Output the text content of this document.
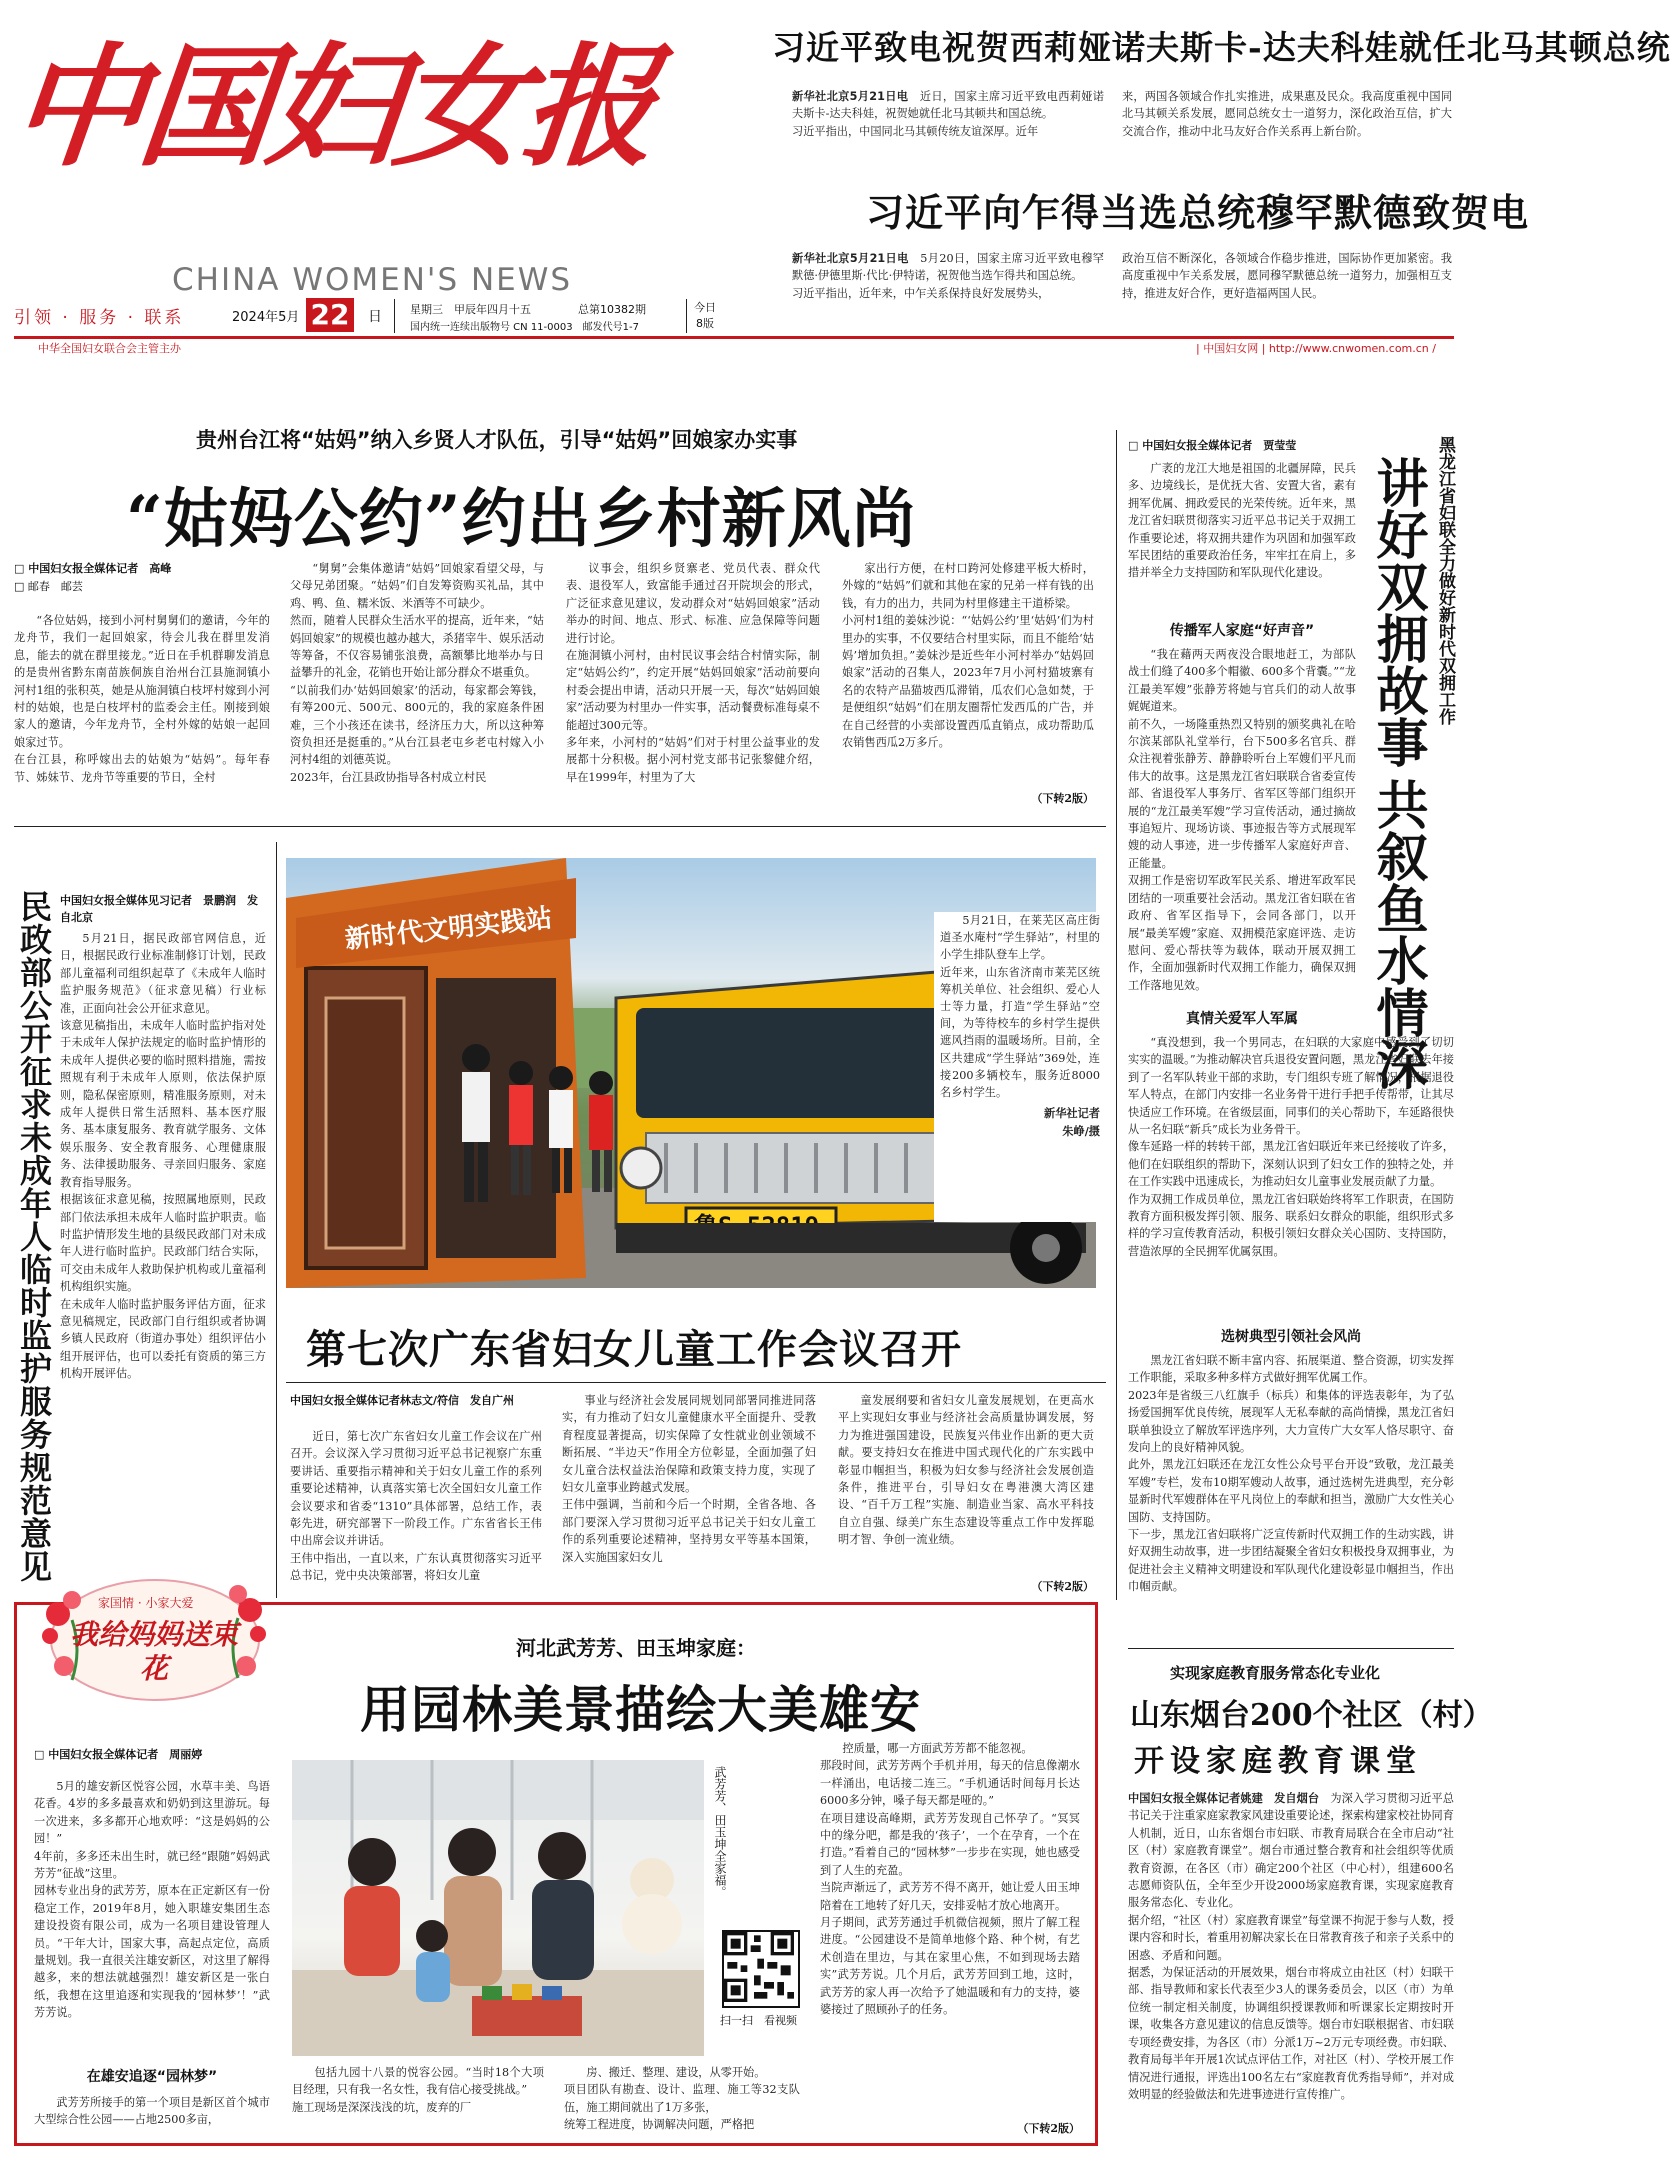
中国妇女报
CHINA WOMEN'S NEWS
引领 · 服务 · 联系	2024年5月 22	日	星期三　甲辰年四月十五	总第10382期
国内统一连续出版物号 CN 11-0003　邮发代号1-7
今日
8版
中华全国妇女联合会主管主办	| 中国妇女网 | http://www.cnwomen.com.cn /
习近平致电祝贺西莉娅诺夫斯卡-达夫科娃就任北马其顿总统

新华社北京5月21日电　 近日，国家主席习近平致电西莉娅诺夫斯卡-达夫科娃，祝贺她就任北马其顿共和国总统。
习近平指出，中国同北马其顿传统友谊深厚。近年

来，两国各领域合作扎实推进，成果惠及民众。我高度重视中国同北马其顿关系发展，愿同总统女士一道努力，深化政治互信，扩大交流合作，推动中北马友好合作关系再上新台阶。

习近平向乍得当选总统穆罕默德致贺电

新华社北京5月21日电　 5月20日，国家主席习近平致电穆罕默德·伊德里斯·代比·伊特诺，祝贺他当选乍得共和国总统。
习近平指出，近年来，中乍关系保持良好发展势头，

政治互信不断深化，各领域合作稳步推进，国际协作更加紧密。我高度重视中乍关系发展，愿同穆罕默德总统一道努力，加强相互支持，推进友好合作，更好造福两国人民。

贵州台江将“姑妈”纳入乡贤人才队伍，引导“姑妈”回娘家办实事
“姑妈公约”约出乡村新风尚
□ 中国妇女报全媒体记者　高峰
□ 邮春　邮芸

“各位姑妈，接到小河村舅舅们的邀请，今年的龙舟节，我们一起回娘家，待会儿我在群里发消息，能去的就在群里接龙。”近日在手机群聊发消息的是贵州省黔东南苗族侗族自治州台江县施洞镇小河村1组的张积英，她是从施洞镇白枝坪村嫁到小河村的姑娘，也是白枝坪村的监委会主任。刚接到娘家人的邀请，今年龙舟节，全村外嫁的姑娘一起回娘家过节。
在台江县，称呼嫁出去的姑娘为“姑妈”。每年春节、姊妹节、龙舟节等重要的节日，全村

“舅舅”会集体邀请“姑妈”回娘家看望父母，与父母兄弟团聚。“姑妈”们自发筹资购买礼品，其中鸡、鸭、鱼、糯米饭、米酒等不可缺少。
然而，随着人民群众生活水平的提高，近年来，“姑妈回娘家”的规模也越办越大，杀猪宰牛、娱乐活动等筹备，不仅容易铺张浪费，高额攀比地举办与日益攀升的礼金，花销也开始让部分群众不堪重负。
“以前我们办‘姑妈回娘家’的活动，每家都会筹钱，有筹200元、500元、800元的，我的家庭条件困难，三个小孩还在读书，经济压力大，所以这种筹资负担还是挺重的。”从台江县老屯乡老屯村嫁入小河村4组的刘德英说。
2023年，台江县政协指导各村成立村民

议事会，组织乡贤寨老、党员代表、群众代表、退役军人，致富能手通过召开院坝会的形式，广泛征求意见建议，发动群众对“姑妈回娘家”活动举办的时间、地点、形式、标准、应急保障等问题进行讨论。
在施洞镇小河村，由村民议事会结合村情实际，制定“姑妈公约”，约定开展“姑妈回娘家”活动前要向村委会提出申请，活动只开展一天，每次“姑妈回娘家”活动要为村里办一件实事，活动餐费标准每桌不能超过300元等。
多年来，小河村的“姑妈”们对于村里公益事业的发展都十分积极。据小河村党支部书记张黎健介绍，早在1999年，村里为了大

家出行方便，在村口跨河处修建平板大桥时，外嫁的“姑妈”们就和其他在家的兄弟一样有钱的出钱，有力的出力，共同为村里修建主干道桥梁。
小河村1组的姜妹沙说：“‘姑妈公约’里‘姑妈’们为村里办的实事，不仅要结合村里实际，而且不能给‘姑妈’增加负担。”姜妹沙是近些年小河村举办“姑妈回娘家”活动的召集人，2023年7月小河村猫坡寨有名的农特产品猫坡西瓜滞销，瓜农们心急如焚，于是便组织“姑妈”们在朋友圈帮忙发西瓜的广告，并在自己经营的小卖部设置西瓜直销点，成功帮助瓜农销售西瓜2万多斤。

（下转2版）
□ 中国妇女报全媒体记者　贾莹莹	黑龙江省妇联全力做好新时代双拥工作
讲好双拥故事
共叙鱼水情深

广袤的龙江大地是祖国的北疆屏障，民兵多、边境线长，是优抚大省、安置大省，素有拥军优属、拥政爱民的光荣传统。近年来，黑龙江省妇联贯彻落实习近平总书记关于双拥工作重要论述，将双拥共建作为巩固和加强军政军民团结的重要政治任务，牢牢扛在肩上，多措并举全力支持国防和军队现代化建设。

传播军人家庭“好声音”

“我在藉两天两夜没合眼地赶工，为部队战士们缝了400多个帽徽、600多个背囊。”“龙江最美军嫂”张静芳将她与官兵们的动人故事娓娓道来。
前不久，一场隆重热烈又特别的颁奖典礼在哈尔滨某部队礼堂举行，台下500多名官兵、群众注视着张静芳、静静聆听台上军嫂们平凡而伟大的故事。这是黑龙江省妇联联合省委宣传部、省退役军人事务厅、省军区等部门组织开展的“龙江最美军嫂”学习宣传活动，通过摘故事追短片、现场访谈、事迹报告等方式展现军嫂的动人事迹，进一步传播军人家庭好声音、正能量。
双拥工作是密切军政军民关系、增进军政军民团结的一项重要社会活动。黑龙江省妇联在省政府、省军区指导下，会同各部门，以开展“最美军嫂”家庭、双拥模范家庭评选、走访慰问、爱心帮扶等为载体，联动开展双拥工作，全面加强新时代双拥工作能力，确保双拥工作落地见效。

真情关爱军人军属

“真没想到，我一个男同志，在妇联的大家庭中感受到了切切实实的温暖。”为推动解决官兵退役安置问题，黑龙江省妇联去年接到了一名军队转业干部的求助，专门组织专班了解情况，根据退役军人特点，在部门内安排一名业务骨干进行手把手传帮带，让其尽快适应工作环境。在省级层面，同事们的关心帮助下，车延路很快从一名妇联“新兵”成长为业务骨干。
像车延路一样的转转干部，黑龙江省妇联近年来已经接收了许多，他们在妇联组织的帮助下，深刻认识到了妇女工作的独特之处，并在工作实践中迅速成长，为推动妇女儿童事业发展贡献了力量。
作为双拥工作成员单位，黑龙江省妇联始终将军工作职责，在国防教育方面积极发挥引领、服务、联系妇女群众的职能，组织形式多样的学习宣传教育活动，积极引领妇女群众关心国防、支持国防，营造浓厚的全民拥军优属氛围。

选树典型引领社会风尚

黑龙江省妇联不断丰富内容、拓展渠道、整合资源，切实发挥工作职能，采取多种多样方式做好拥军优属工作。
2023年是省级三八红旗手（标兵）和集体的评选表彰年，为了弘扬爱国拥军优良传统，展现军人无私奉献的高尚情操，黑龙江省妇联单独设立了解放军评选序列，大力宣传广大女军人恪尽职守、奋发向上的良好精神风貌。
此外，黑龙江妇联还在龙江女性公众号平台开设“致敬，龙江最美军嫂”专栏，发布10期军嫂动人故事，通过选树先进典型，充分彰显新时代军嫂群体在平凡岗位上的奉献和担当，激励广大女性关心国防、支持国防。
下一步，黑龙江省妇联将广泛宣传新时代双拥工作的生动实践，讲好双拥生动故事，进一步团结凝聚全省妇女积极投身双拥事业，为促进社会主义精神文明建设和军队现代化建设彰显巾帼担当，作出巾帼贡献。

民政部公开征求未成年人临时监护服务规范意见 中国妇女报全媒体见习记者　景鹏润　发自北京

5月21日，据民政部官网信息，近日，根据民政行业标准制修订计划，民政部儿童福利司组织起草了《未成年人临时监护服务规范》（征求意见稿）行业标准，正面向社会公开征求意见。
该意见稿指出，未成年人临时监护指对处于未成年人保护法规定的临时监护情形的未成年人提供必要的临时照料措施，需按照规有利于未成年人原则，依法保护原则，隐私保密原则，精准服务原则，对未成年人提供日常生活照料、基本医疗服务、基本康复服务、教育就学服务、文体娱乐服务、安全教育服务、心理健康服务、法律援助服务、寻亲回归服务、家庭教育指导服务。
根据该征求意见稿，按照属地原则，民政部门依法承担未成年人临时监护职责。临时监护情形发生地的县级民政部门对未成年人进行临时监护。民政部门结合实际，可交由未成年人救助保护机构或儿童福利机构组织实施。
在未成年人临时监护服务评估方面，征求意见稿规定，民政部门自行组织或者协调乡镇人民政府（街道办事处）组织评估小组开展评估，也可以委托有资质的第三方机构开展评估。

新时代文明实践站	5月21日，在莱芜区高庄街道圣水庵村“学生驿站”，村里的小学生排队登车上学。
近年来，山东省济南市莱芜区统筹机关单位、社会组织、爱心人士等力量，打造“学生驿站”空间，为等待校车的乡村学生提供遮风挡雨的温暖场所。目前，全区共建成“学生驿站”369处，连接200多辆校车，服务近8000名乡村学生。

新华社记者
朱峥/摄

第七次广东省妇女儿童工作会议召开
中国妇女报全媒体记者林志文/符信　发自广州

近日，第七次广东省妇女儿童工作会议在广州召开。会议深入学习贯彻习近平总书记视察广东重要讲话、重要指示精神和关于妇女儿童工作的系列重要论述精神，认真落实第七次全国妇女儿童工作会议要求和省委“1310”具体部署，总结工作，表彰先进，研究部署下一阶段工作。广东省省长王伟中出席会议并讲话。
王伟中指出，一直以来，广东认真贯彻落实习近平总书记，党中央决策部署，将妇女儿童

事业与经济社会发展同规划同部署同推进同落实，有力推动了妇女儿童健康水平全面提升、受教育程度显著提高，切实保障了女性就业创业领域不断拓展、“半边天”作用全方位彰显，全面加强了妇女儿童合法权益法治保障和政策支持力度，实现了妇女儿童事业跨越式发展。
王伟中强调，当前和今后一个时期，全省各地、各部门要深入学习贯彻习近平总书记关于妇女儿童工作的系列重要论述精神，坚持男女平等基本国策，深入实施国家妇女儿

童发展纲要和省妇女儿童发展规划，在更高水平上实现妇女事业与经济社会高质量协调发展，努力为推进强国建设，民族复兴伟业作出新的更大贡献。要支持妇女在推进中国式现代化的广东实践中彰显巾帼担当，积极为妇女参与经济社会发展创造条件，推进平台，引导妇女在粤港澳大湾区建设、“百千万工程”实施、制造业当家、高水平科技自立自强、绿美广东生态建设等重点工作中发挥聪明才智、争创一流业绩。

（下转2版）
家国情 · 小家大爱
我给妈妈送束花
河北武芳芳、田玉坤家庭：
用园林美景描绘大美雄安
□ 中国妇女报全媒体记者　周丽婷

5月的雄安新区悦容公园，水草丰美、鸟语花香。4岁的多多最喜欢和奶奶到这里游玩。每一次进来，多多都开心地欢呼：“这是妈妈的公园！”
4年前，多多还未出生时，就已经“跟随”妈妈武芳芳“征战”这里。
园林专业出身的武芳芳，原本在正定新区有一份稳定工作，2019年8月，她入职雄安集团生态建设投资有限公司，成为一名项目建设管理人员。“干年大计，国家大事，高起点定位，高质量规划。我一直很关注雄安新区，对这里了解得越多，来的想法就越强烈！雄安新区是一张白纸，我想在这里追逐和实现我的‘园林梦’！”武芳芳说。

在雄安追逐“园林梦”

武芳芳所接手的第一个项目是新区首个城市大型综合性公园——占地2500多亩，

武芳芳、田玉坤全家福。
扫一扫　看视频

包括九园十八景的悦容公园。“当时18个大项目经理，只有我一名女性，我有信心接受挑战。”
施工现场是深深浅浅的坑，废弃的厂

房、搬迁、整理、建设，从零开始。
项目团队有勘查、设计、监理、施工等32支队伍，施工期间就出了1万多张，
统筹工程进度，协调解决问题，严格把

控质量，哪一方面武芳芳都不能忽视。
那段时间，武芳芳两个手机并用，每天的信息像潮水一样涌出，电话接二连三。“手机通话时间每月长达6000多分钟，嗓子每天都是哑的。”
在项目建设高峰期，武芳芳发现自己怀孕了。“冥冥中的缘分吧，都是我的‘孩子’，一个在孕育，一个在打造。”看着自己的“园林梦”一步步在实现，她也感受到了人生的充盈。
当院声渐远了，武芳芳不得不离开，她让爱人田玉坤陪着在工地转了好几天，安排妥帖才放心地离开。
月子期间，武芳芳通过手机微信视频，照片了解工程进度。“公园建设不是简单地修个路、种个树，有艺术创造在里边，与其在家里心焦，不如到现场去踏实”武芳芳说。几个月后，武芳芳回到工地，这时，武芳芳的家人再一次给予了她温暖和有力的支持，婆婆接过了照顾孙子的任务。

（下转2版）
实现家庭教育服务常态化专业化
山东烟台200个社区（村）
开设家庭教育课堂

中国妇女报全媒体记者姚建　发自烟台　 为深入学习贯彻习近平总书记关于注重家庭家教家风建设重要论述，探索构建家校社协同育人机制，近日，山东省烟台市妇联、市教育局联合在全市启动“社区（村）家庭教育课堂”。烟台市通过整合教育和社会组织等优质教育资源，在各区（市）确定200个社区（中心村），组建600名志愿师资队伍，全年至少开设2000场家庭教育课，实现家庭教育服务常态化、专业化。
据介绍，“社区（村）家庭教育课堂”每堂课不拘泥于参与人数，授课内容和时长，着重用初解决家长在日常教育孩子和亲子关系中的困惑、矛盾和问题。
据悉，为保证活动的开展效果，烟台市将成立由社区（村）妇联干部、指导教师和家长代表至少3人的课务委员会，以区（市）为单位统一制定相关制度，协调组织授课教师和听课家长定期按时开课，收集各方意见建议的信息反馈等。烟台市妇联根据省、市妇联专项经费安排，为各区（市）分派1万~2万元专项经费。市妇联、教育局每半年开展1次试点评估工作，对社区（村）、学校开展工作情况进行通报，评选出100名左右“家庭教育优秀指导师”，并对成效明显的经验做法和先进事迹进行宣传推广。
